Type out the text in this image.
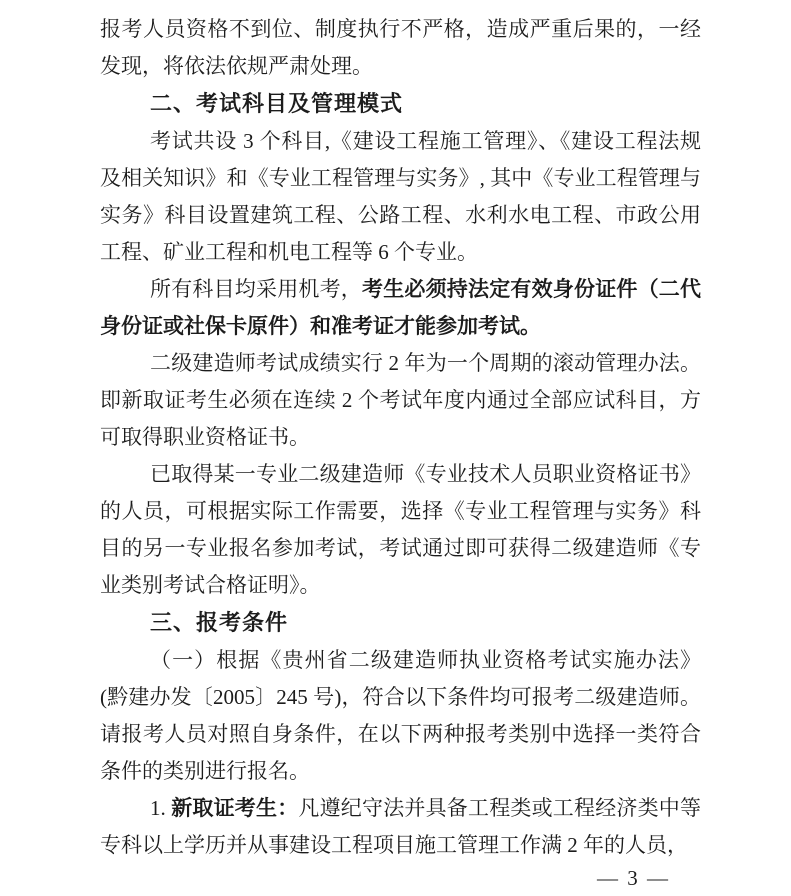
报考人员资格不到位、制度执行不严格，造成严重后果的，一经发现，将依法依规严肃处理。

二、考试科目及管理模式

考试共设 3 个科目,《建设工程施工管理》、《建设工程法规及相关知识》和《专业工程管理与实务》, 其中《专业工程管理与实务》科目设置建筑工程、公路工程、水利水电工程、市政公用工程、矿业工程和机电工程等 6 个专业。

所有科目均采用机考，考生必须持法定有效身份证件（二代身份证或社保卡原件）和准考证才能参加考试。

二级建造师考试成绩实行 2 年为一个周期的滚动管理办法。即新取证考生必须在连续 2 个考试年度内通过全部应试科目，方可取得职业资格证书。

已取得某一专业二级建造师《专业技术人员职业资格证书》的人员，可根据实际工作需要，选择《专业工程管理与实务》科目的另一专业报名参加考试，考试通过即可获得二级建造师《专业类别考试合格证明》。

三、报考条件

（一）根据《贵州省二级建造师执业资格考试实施办法》(黔建办发〔2005〕245 号)，符合以下条件均可报考二级建造师。请报考人员对照自身条件，在以下两种报考类别中选择一类符合条件的类别进行报名。

1. 新取证考生：凡遵纪守法并具备工程类或工程经济类中等专科以上学历并从事建设工程项目施工管理工作满 2 年的人员，

— 3 —
